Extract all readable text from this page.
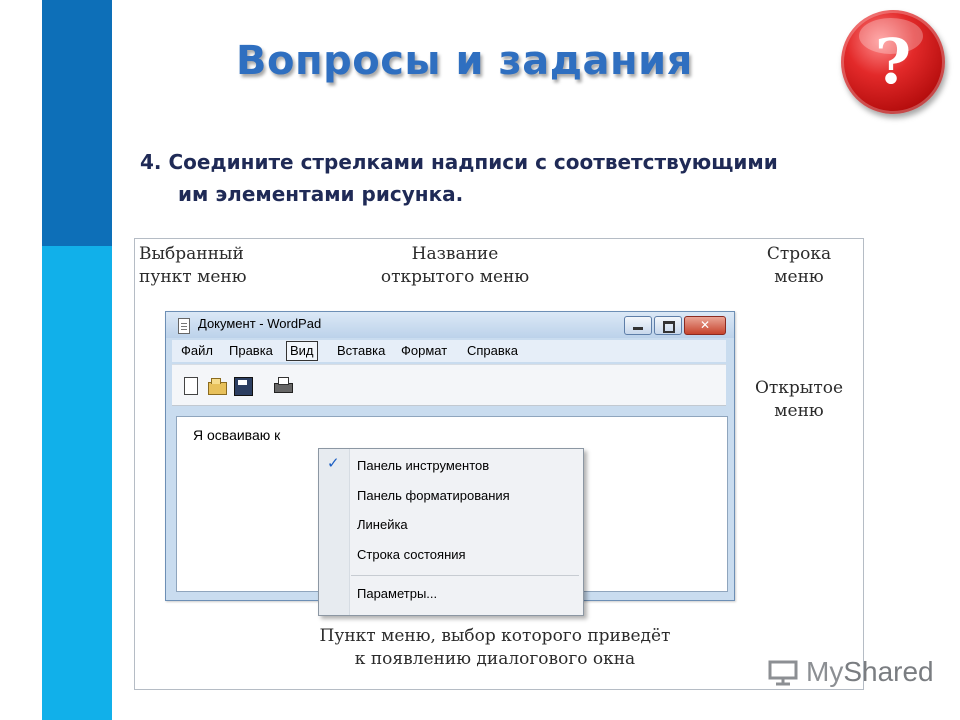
Вопросы и задания	?
4. Соедините стрелками надписи с соответствующими
им элементами рисунка.
Выбранный
пункт меню
Название
открытого меню
Строка
меню
Открытое
меню
Пункт меню, выбор которого приведёт
к появлению диалогового окна
Документ - WordPad	✕
Файл Правка	Вид	Вставка Формат Справка
Я осваиваю к
Панель инструментов
✓
Панель форматирования
Линейка
Строка состояния
Параметры...
MyShared
